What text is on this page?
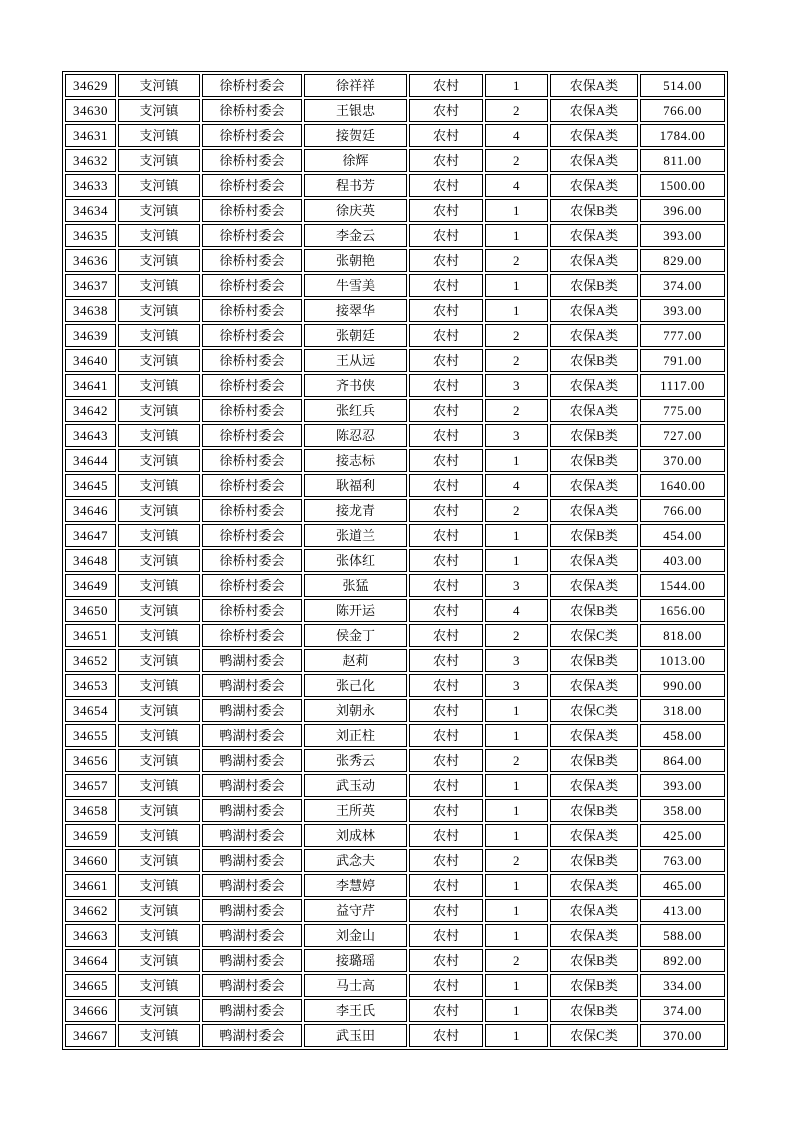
34629	支河镇	徐桥村委会	徐祥祥	农村	1	农保A类	514.00
34630	支河镇	徐桥村委会	王银忠	农村	2	农保A类	766.00
34631	支河镇	徐桥村委会	接贺廷	农村	4	农保A类	1784.00
34632	支河镇	徐桥村委会	徐辉	农村	2	农保A类	811.00
34633	支河镇	徐桥村委会	程书芳	农村	4	农保A类	1500.00
34634	支河镇	徐桥村委会	徐庆英	农村	1	农保B类	396.00
34635	支河镇	徐桥村委会	李金云	农村	1	农保A类	393.00
34636	支河镇	徐桥村委会	张朝艳	农村	2	农保A类	829.00
34637	支河镇	徐桥村委会	牛雪美	农村	1	农保B类	374.00
34638	支河镇	徐桥村委会	接翠华	农村	1	农保A类	393.00
34639	支河镇	徐桥村委会	张朝廷	农村	2	农保A类	777.00
34640	支河镇	徐桥村委会	王从远	农村	2	农保B类	791.00
34641	支河镇	徐桥村委会	齐书侠	农村	3	农保A类	1117.00
34642	支河镇	徐桥村委会	张红兵	农村	2	农保A类	775.00
34643	支河镇	徐桥村委会	陈忍忍	农村	3	农保B类	727.00
34644	支河镇	徐桥村委会	接志标	农村	1	农保B类	370.00
34645	支河镇	徐桥村委会	耿福利	农村	4	农保A类	1640.00
34646	支河镇	徐桥村委会	接龙青	农村	2	农保A类	766.00
34647	支河镇	徐桥村委会	张道兰	农村	1	农保B类	454.00
34648	支河镇	徐桥村委会	张体红	农村	1	农保A类	403.00
34649	支河镇	徐桥村委会	张猛	农村	3	农保A类	1544.00
34650	支河镇	徐桥村委会	陈开运	农村	4	农保B类	1656.00
34651	支河镇	徐桥村委会	侯金丁	农村	2	农保C类	818.00
34652	支河镇	鸭湖村委会	赵莉	农村	3	农保B类	1013.00
34653	支河镇	鸭湖村委会	张己化	农村	3	农保A类	990.00
34654	支河镇	鸭湖村委会	刘朝永	农村	1	农保C类	318.00
34655	支河镇	鸭湖村委会	刘正柱	农村	1	农保A类	458.00
34656	支河镇	鸭湖村委会	张秀云	农村	2	农保B类	864.00
34657	支河镇	鸭湖村委会	武玉动	农村	1	农保A类	393.00
34658	支河镇	鸭湖村委会	王所英	农村	1	农保B类	358.00
34659	支河镇	鸭湖村委会	刘成林	农村	1	农保A类	425.00
34660	支河镇	鸭湖村委会	武念夫	农村	2	农保B类	763.00
34661	支河镇	鸭湖村委会	李慧婷	农村	1	农保A类	465.00
34662	支河镇	鸭湖村委会	益守芹	农村	1	农保A类	413.00
34663	支河镇	鸭湖村委会	刘金山	农村	1	农保A类	588.00
34664	支河镇	鸭湖村委会	接璐瑶	农村	2	农保B类	892.00
34665	支河镇	鸭湖村委会	马士高	农村	1	农保B类	334.00
34666	支河镇	鸭湖村委会	李王氏	农村	1	农保B类	374.00
34667	支河镇	鸭湖村委会	武玉田	农村	1	农保C类	370.00
